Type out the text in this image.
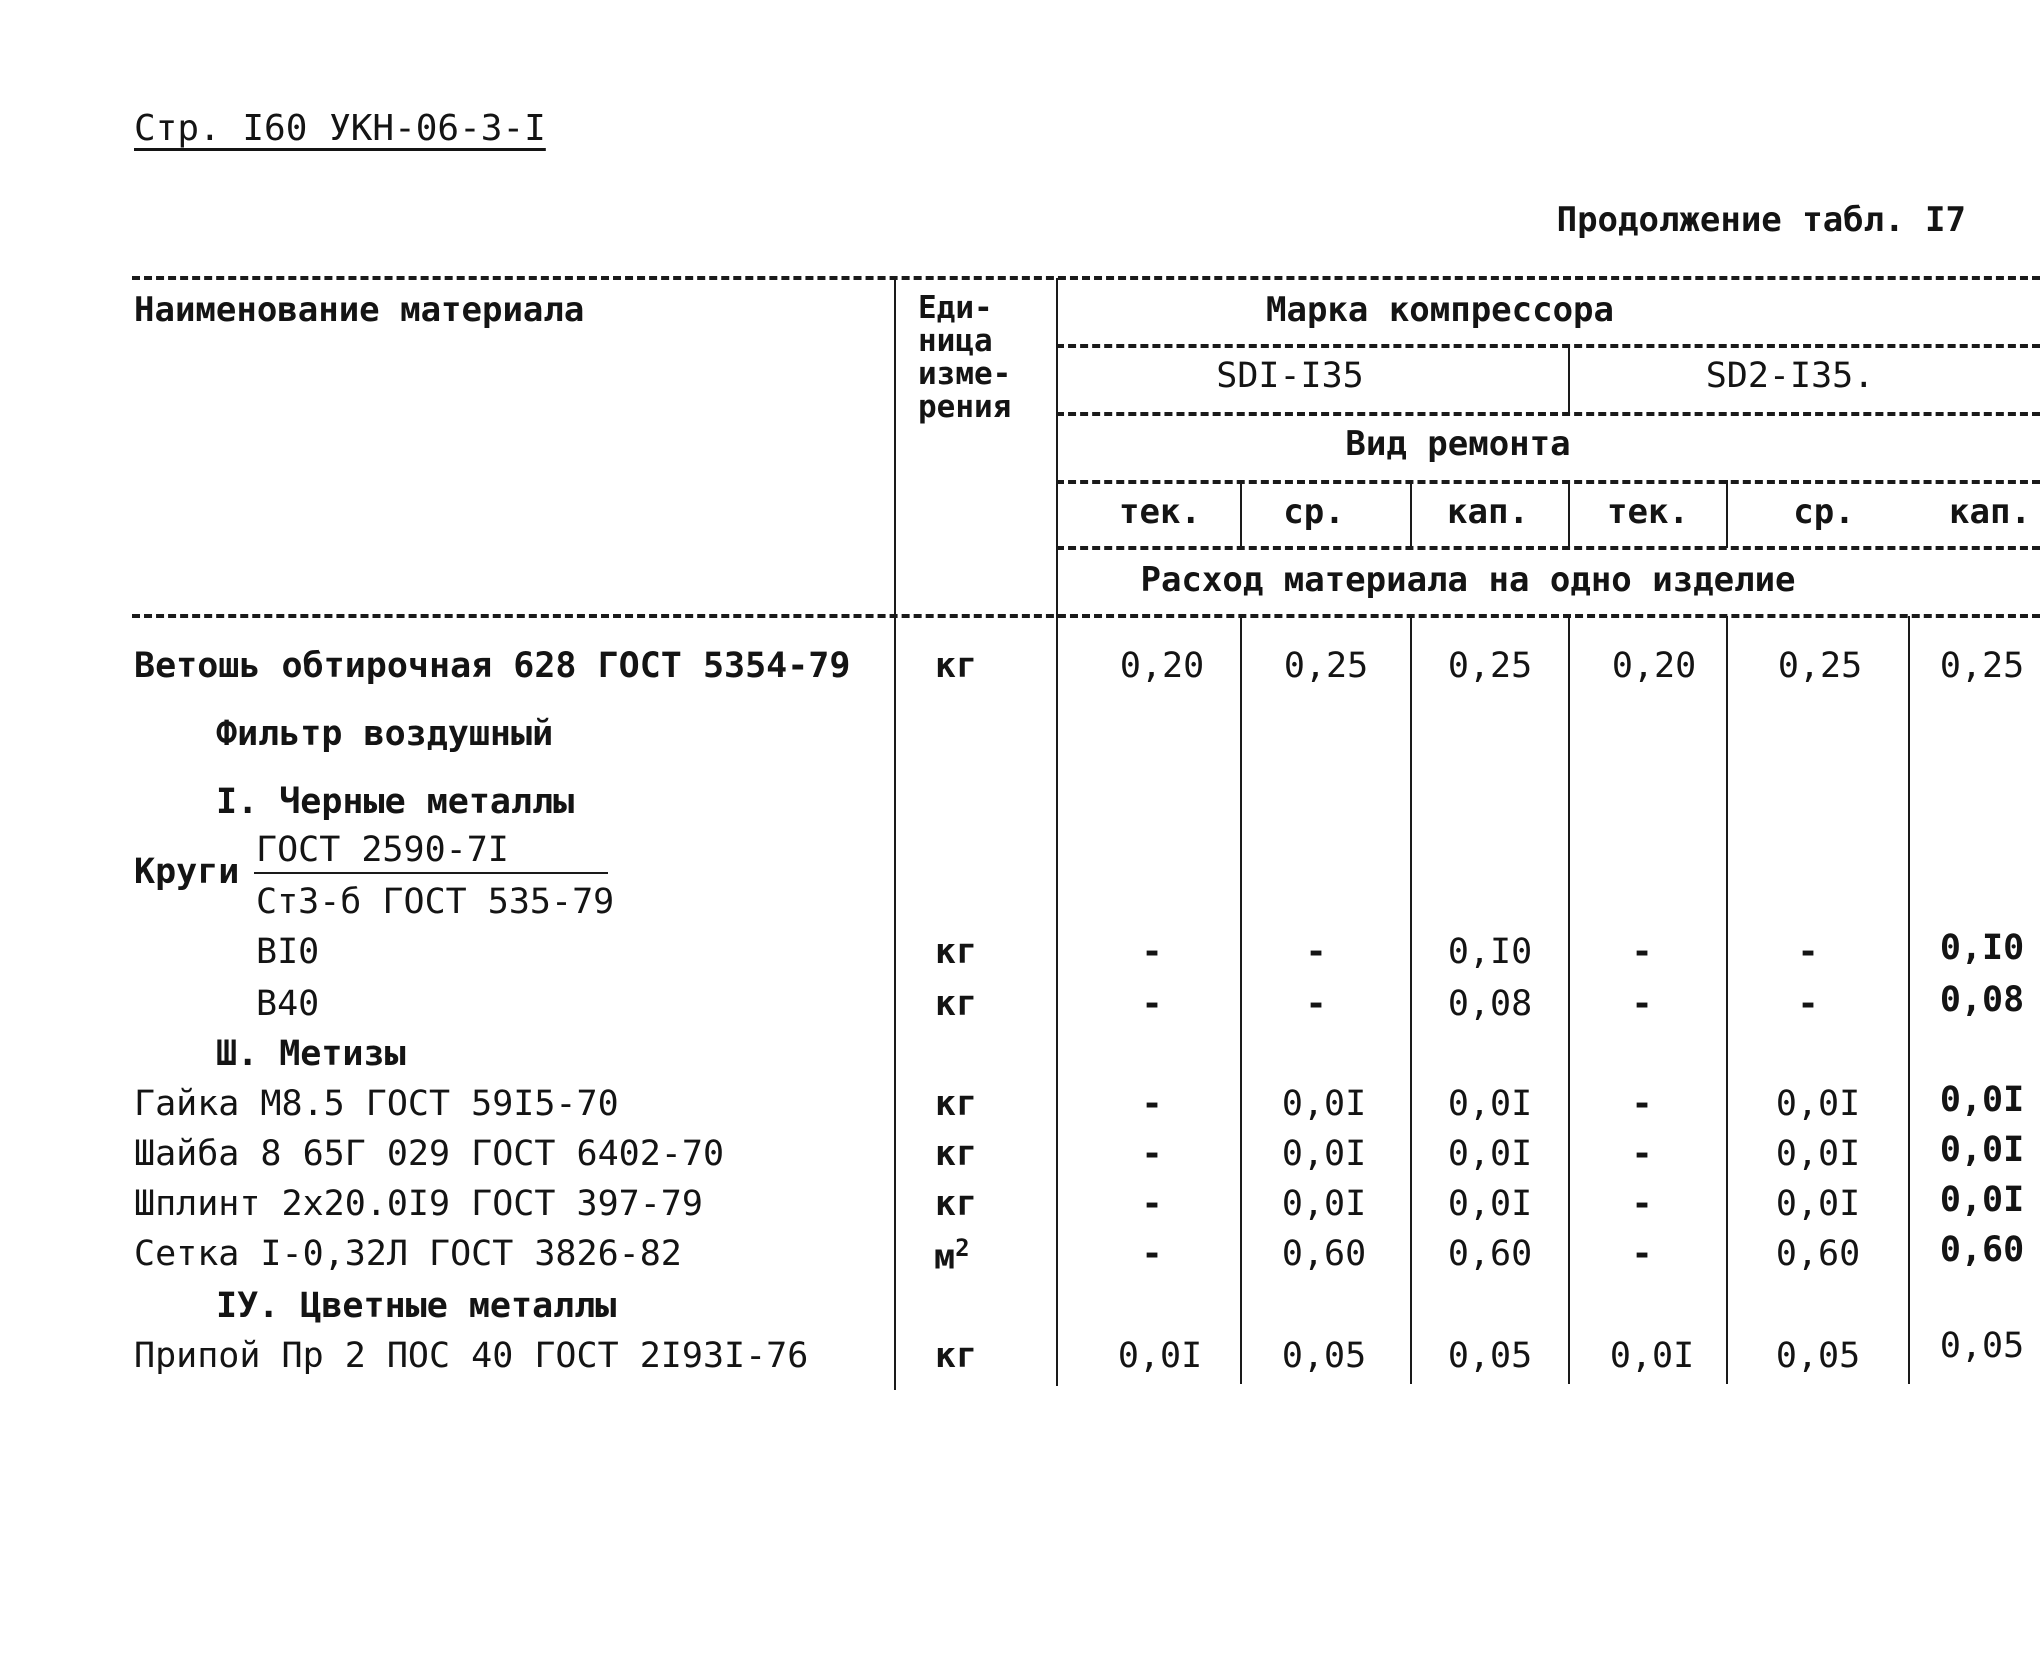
Стр. I60 УКН-06-3-I
Продолжение табл. I7
Наименование материала	Еди-
ница
изме-
рения
Марка компрессора
SDI-I35	SD2-I35.
Вид ремонта
тек. ср.	кап. тек.	ср.	кап.
Расход материала на одно изделие
Ветошь обтирочная 628 ГОСТ 5354-79 кг	0,20 0,25 0,25 0,20 0,25 0,25
Фильтр воздушный
I. Черные металлы
Круги
ГОСТ 2590-7I
Ст3-б ГОСТ 535-79
BI0	кг	-	-	0,I0	-	-	0,I0
B40	кг	-	-	0,08	-	-	0,08
Ш. Метизы
Гайка М8.5 ГОСТ 59I5-70	кг	-	0,0I 0,0I	-	0,0I 0,0I
Шайба 8 65Г 029 ГОСТ 6402-70	кг	-	0,0I 0,0I	-	0,0I 0,0I
Шплинт 2х20.0I9 ГОСТ 397-79	кг	-	0,0I 0,0I	-	0,0I 0,0I
Сетка I-0,32Л ГОСТ 3826-82	$м^2$	-	0,60 0,60	-	0,60 0,60
IУ. Цветные металлы
Припой Пр 2 ПОС 40 ГОСТ 2I93I-76	кг	0,0I 0,05 0,05 0,0I 0,05 0,05
